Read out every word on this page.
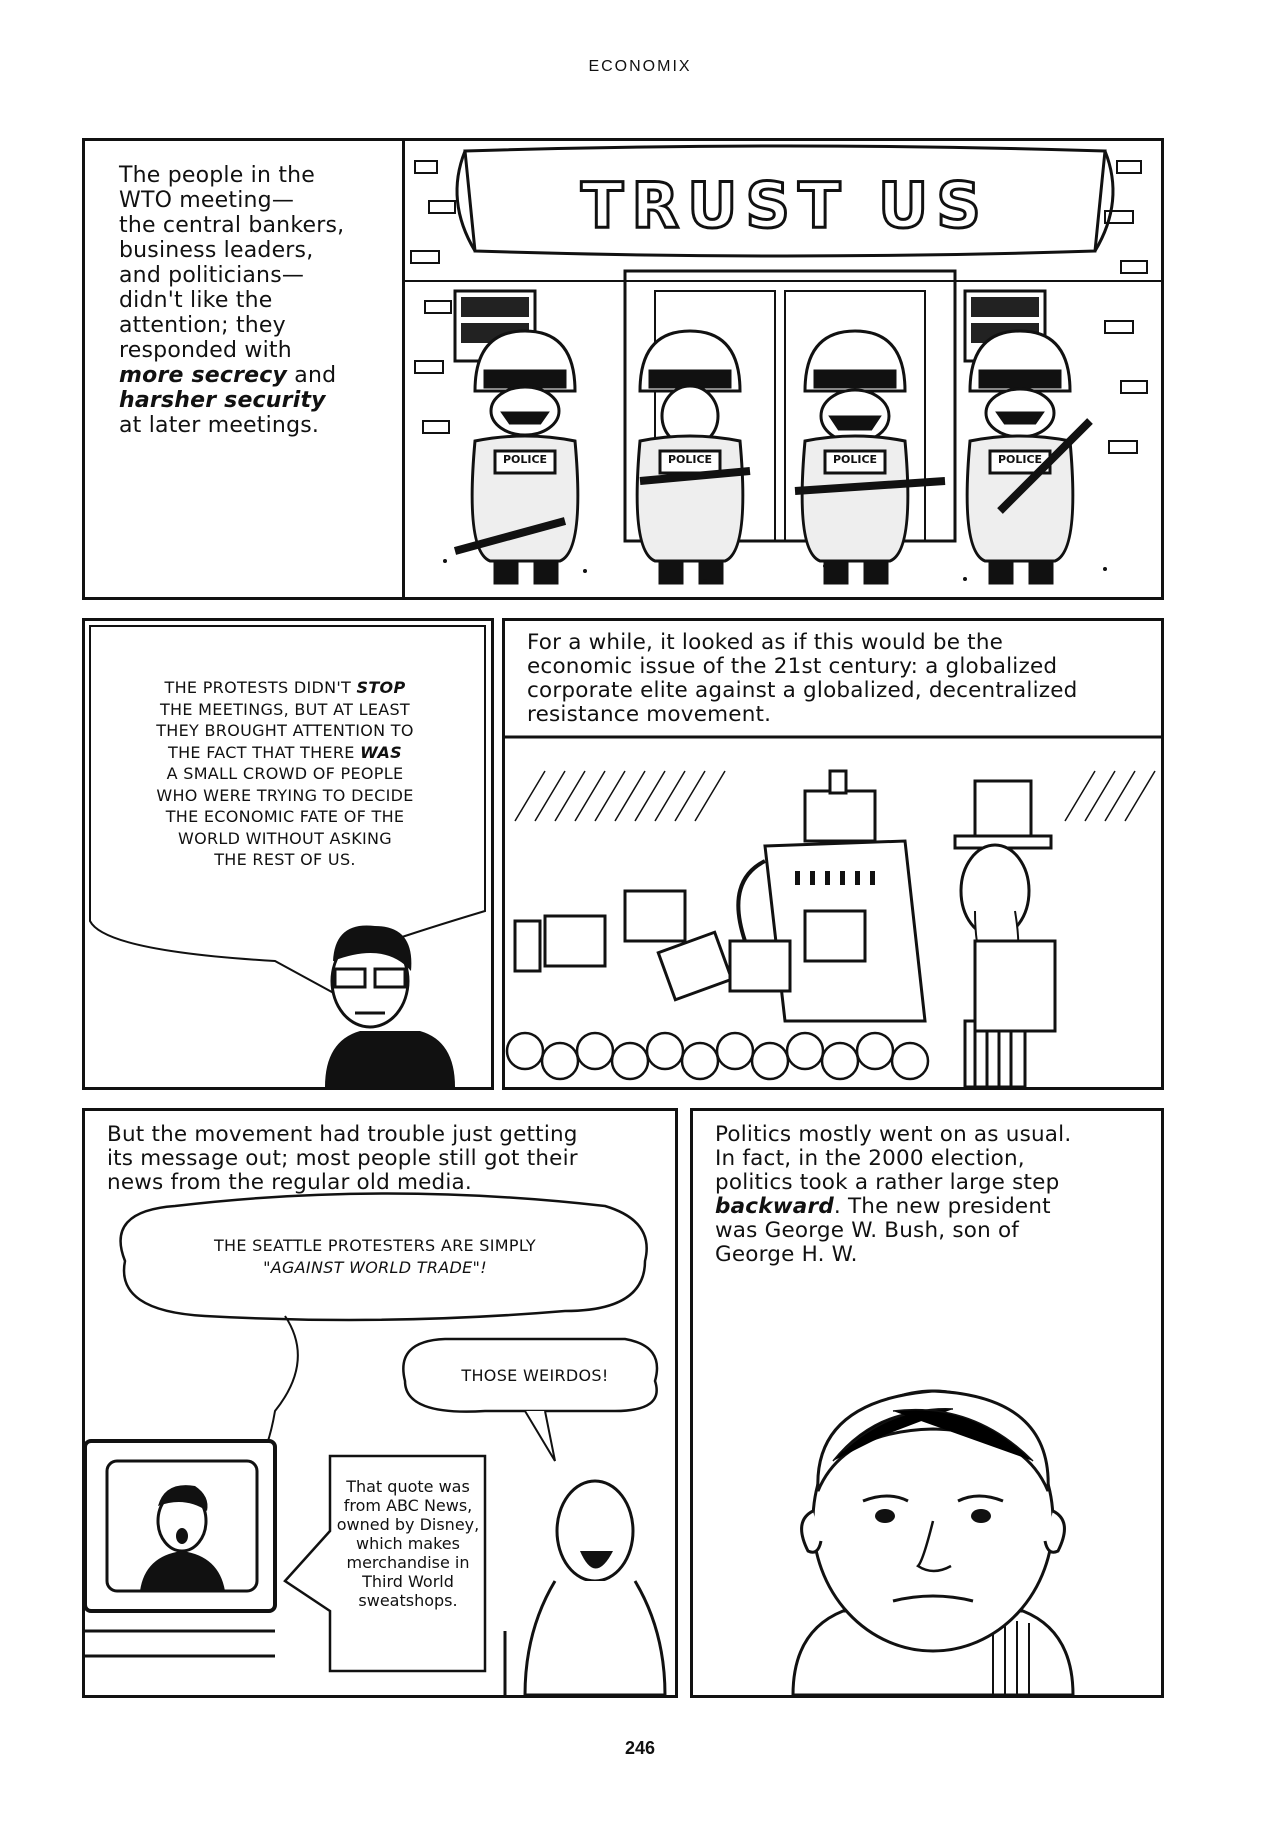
ECONOMIX
The people in the
WTO meeting—
the central bankers,
business leaders,
and politicians—
didn't like the
attention; they
responded with
more secrecy and
harsher security
at later meetings.
TRUST US
POLICE	POLICE	POLICE	POLICE
THE PROTESTS DIDN'T STOP
THE MEETINGS, BUT AT LEAST
THEY BROUGHT ATTENTION TO
THE FACT THAT THERE WAS
A SMALL CROWD OF PEOPLE
WHO WERE TRYING TO DECIDE
THE ECONOMIC FATE OF THE
WORLD WITHOUT ASKING
THE REST OF US.
For a while, it looked as if this would be the
economic issue of the 21st century: a globalized
corporate elite against a globalized, decentralized
resistance movement.
But the movement had trouble just getting
its message out; most people still got their
news from the regular old media.
THE SEATTLE PROTESTERS ARE SIMPLY
"AGAINST WORLD TRADE"!
THOSE WEIRDOS!
That quote was
from ABC News,
owned by Disney,
which makes
merchandise in
Third World
sweatshops.
Politics mostly went on as usual.
In fact, in the 2000 election,
politics took a rather large step
backward. The new president
was George W. Bush, son of
George H. W.
246
